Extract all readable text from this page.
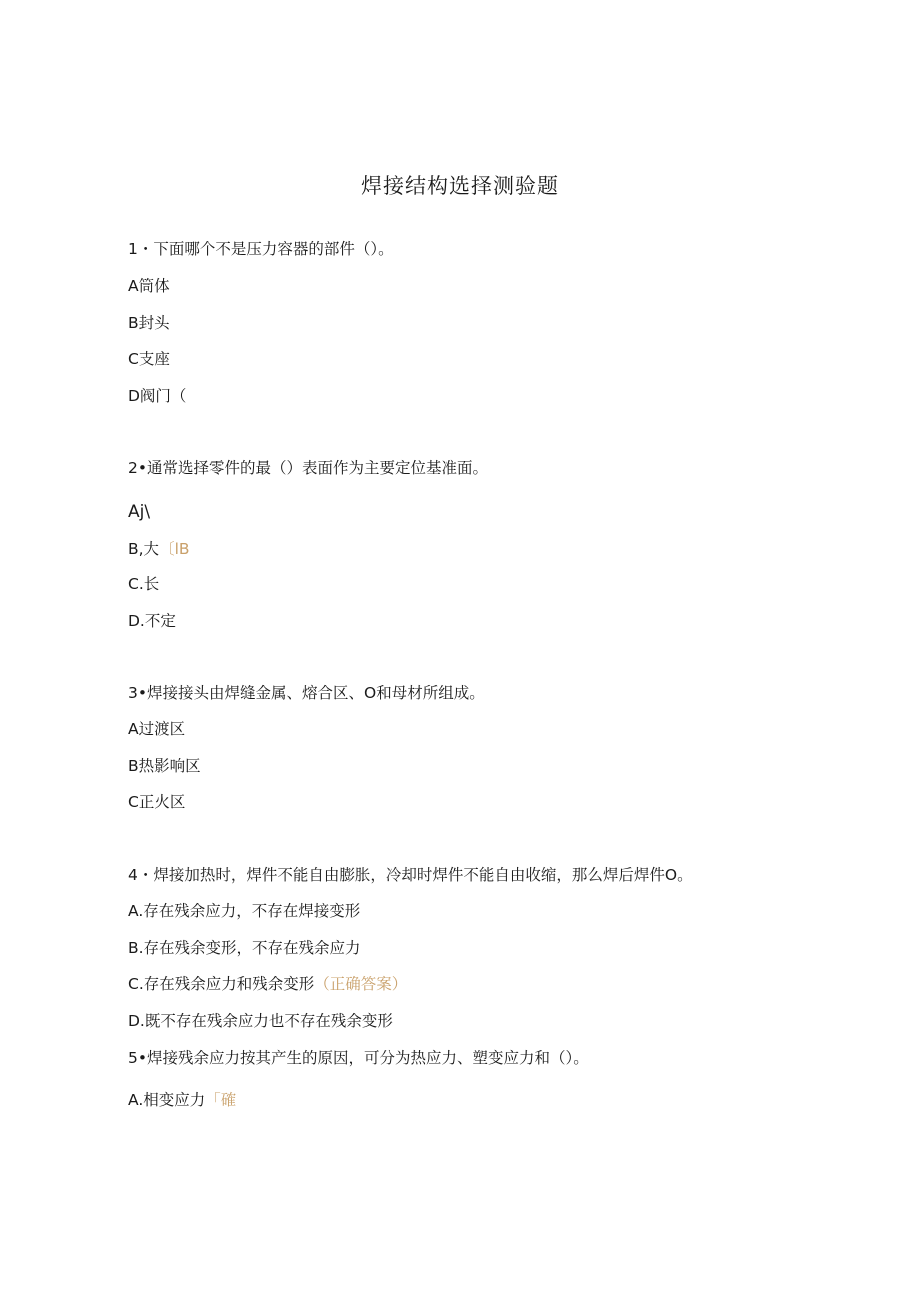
焊接结构选择测验题
1・下面哪个不是压力容器的部件（）。
A筒体
B封头
C支座
D阀门（
2•通常选择零件的最（）表面作为主要定位基准面。
Aj\
B,大〔lB
C.长
D.不定
3•焊接接头由焊缝金属、熔合区、O和母材所组成。
A过渡区
B热影响区
C正火区
4・焊接加热时，焊件不能自由膨胀，冷却时焊件不能自由收缩，那么焊后焊件O。
A.存在残余应力，不存在焊接变形
B.存在残余变形，不存在残余应力
C.存在残余应力和残余变形（正确答案）
D.既不存在残余应力也不存在残余变形
5•焊接残余应力按其产生的原因，可分为热应力、塑变应力和（）。
A.相变应力「確
